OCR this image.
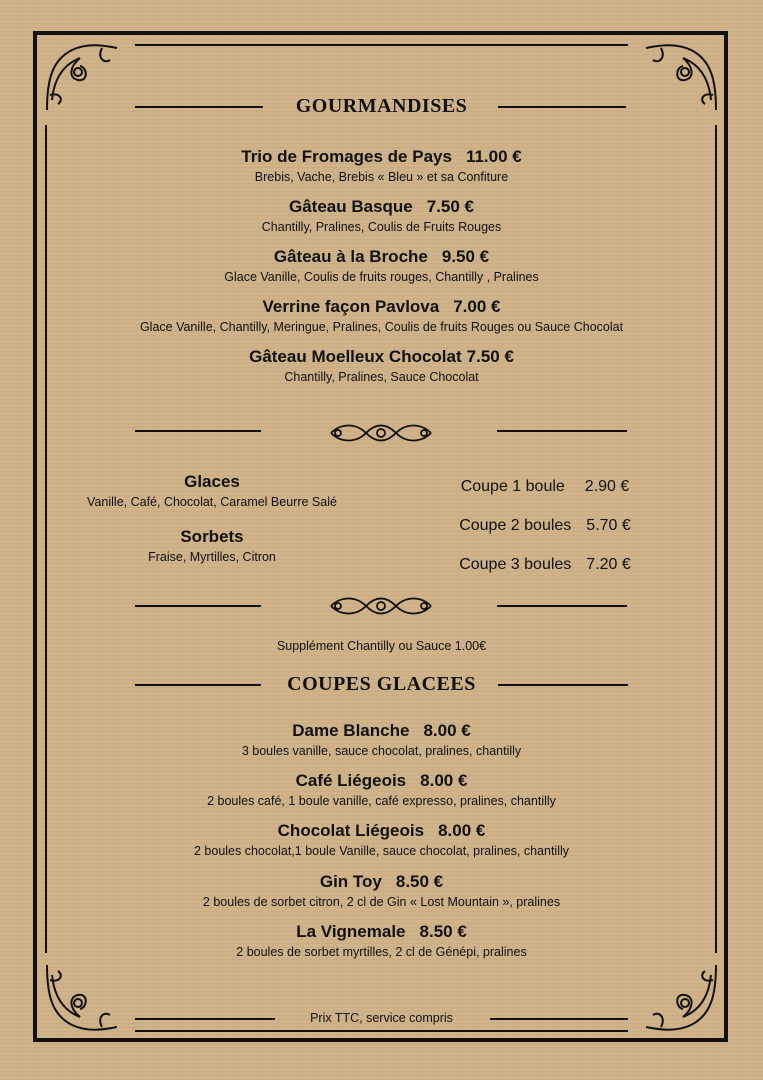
GOURMANDISES
Trio de Fromages de Pays 11.00 €
Brebis, Vache, Brebis « Bleu » et sa Confiture
Gâteau Basque 7.50 €
Chantilly, Pralines, Coulis de Fruits Rouges
Gâteau à la Broche 9.50 €
Glace Vanille, Coulis de fruits rouges, Chantilly , Pralines
Verrine façon Pavlova 7.00 €
Glace Vanille, Chantilly, Meringue, Pralines, Coulis de fruits Rouges ou Sauce Chocolat
Gâteau Moelleux Chocolat 7.50 €
Chantilly, Pralines, Sauce Chocolat
Glaces
Vanille, Café, Chocolat, Caramel Beurre Salé
Sorbets
Fraise, Myrtilles, Citron
Coupe 1 boule 2.90 €
Coupe 2 boules 5.70 €
Coupe 3 boules 7.20 €
Supplément Chantilly ou Sauce 1.00€
COUPES GLACEES
Dame Blanche 8.00 €
3 boules vanille, sauce chocolat, pralines, chantilly
Café Liégeois 8.00 €
2 boules café, 1 boule vanille, café expresso, pralines, chantilly
Chocolat Liégeois 8.00 €
2 boules chocolat,1 boule Vanille, sauce chocolat, pralines, chantilly
Gin Toy 8.50 €
2 boules de sorbet citron, 2 cl de Gin « Lost Mountain », pralines
La Vignemale 8.50 €
2 boules de sorbet myrtilles, 2 cl de Génépi, pralines
Prix TTC, service compris
